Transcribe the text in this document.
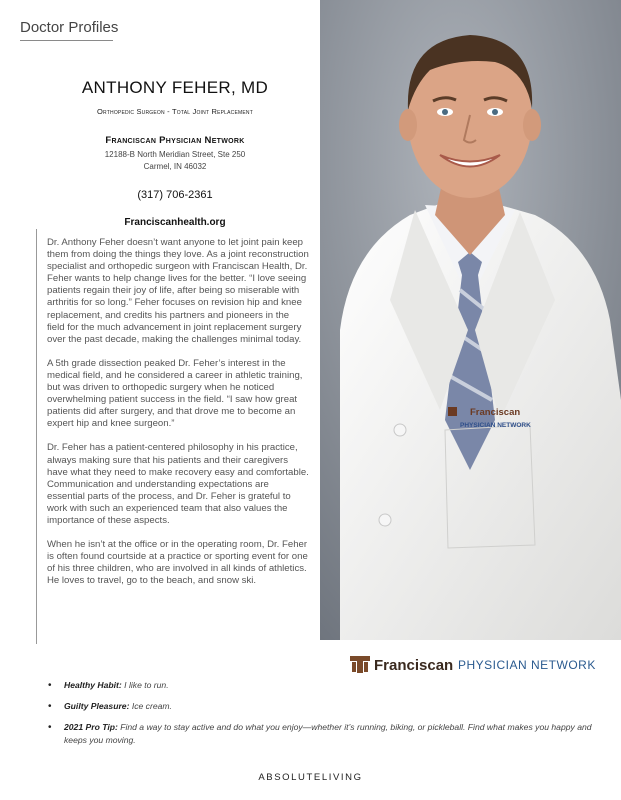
Doctor Profiles
ANTHONY FEHER, MD
Orthopedic Surgeon - Total Joint Replacement
Franciscan Physician Network
12188-B North Meridian Street, Ste 250
Carmel, IN 46032
(317) 706-2361
Franciscanhealth.org

Dr. Anthony Feher doesn’t want anyone to let joint pain keep them from doing the things they love. As a joint reconstruction specialist and orthopedic surgeon with Franciscan Health, Dr. Feher wants to help change lives for the better. “I love seeing patients regain their joy of life, after being so miserable with arthritis for so long.” Feher focuses on revision hip and knee replacement, and credits his partners and pioneers in the field for the much advancement in joint replacement surgery over the past decade, making the challenges minimal today.

A 5th grade dissection peaked Dr. Feher’s interest in the medical field, and he considered a career in athletic training, but was driven to orthopedic surgery when he noticed overwhelming patient success in the field. “I saw how great patients did after surgery, and that drove me to become an expert hip and knee surgeon.”

Dr. Feher has a patient-centered philosophy in his practice, always making sure that his patients and their caregivers have what they need to make recovery easy and comfortable. Communication and understanding expectations are essential parts of the process, and Dr. Feher is grateful to work with such an experienced team that also values the importance of these aspects.

When he isn’t at the office or in the operating room, Dr. Feher is often found courtside at a practice or sporting event for one of his three children, who are involved in all kinds of athletics. He loves to travel, go to the beach, and snow ski.

Franciscan
PHYSICIAN NETWORK
Franciscan PHYSICIAN NETWORK
• Healthy Habit: I like to run.
• Guilty Pleasure: Ice cream.
• 2021 Pro Tip: Find a way to stay active and do what you enjoy—whether it’s running, biking, or pickleball. Find what makes you happy and keeps you moving.
ABSOLUTELIVING
